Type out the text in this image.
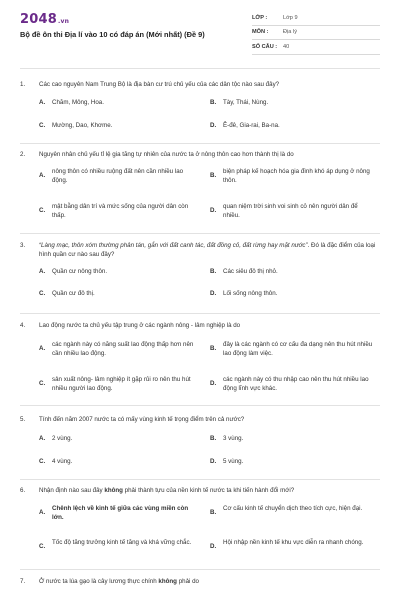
2048.vn
Bộ đề ôn thi Địa lí vào 10 có đáp án (Mới nhất) (Đề 9)
LỚP :	Lớp 9
MÔN :	Địa lý
SỐ CÂU :	40
1.	Các cao nguyên Nam Trung Bộ là địa bàn cư trú chủ yếu của các dân tộc nào sau đây?
A.	Chăm, Mông, Hoa.	B.	Tày, Thái, Nùng.
C.	Mường, Dao, Khơme.	D.	Ê-đê, Gia-rai, Ba-na.
2.	Nguyên nhân chủ yếu tỉ lệ gia tăng tự nhiên của nước ta ở nông thôn cao hơn thành thị là do
A.
nông thôn có nhiều ruộng đất nên cần nhiều lao động.
B.
biện pháp kế hoạch hóa gia đình khó áp dụng ở nông thôn.
C.
mật bằng dân trí và mức sống của người dân còn thấp.
D.
quan niệm trời sinh voi sinh cỏ nên người dân để nhiều.
3.	“Làng mạc, thôn xóm thường phân tán, gắn với đất canh tác, đất đồng cỏ, đất rừng hay mặt nước”. Đó là đặc điểm của loại hình quần cư nào sau đây?
A.	Quần cư nông thôn.	B.	Các siêu đô thị nhỏ.
C.	Quần cư đô thị.	D.	Lối sống nông thôn.
4.	Lao động nước ta chủ yếu tập trung ở các ngành nông - lâm nghiệp là do
A.
các ngành này có năng suất lao động thấp hơn nên cần nhiều lao động.
B.
đây là các ngành có cơ cấu đa dạng nên thu hút nhiều lao động làm việc.
C.
sản xuất nông- lâm nghiệp ít gặp rủi ro nên thu hút nhiều người lao động.
D.
các ngành này có thu nhập cao nên thu hút nhiều lao động lĩnh vực khác.
5.	Tính đến năm 2007 nước ta có mấy vùng kinh tế trọng điểm trên cả nước?
A.	2 vùng.	B.	3 vùng.
C.	4 vùng.	D.	5 vùng.
6.	Nhận định nào sau đây không phải thành tựu của nền kinh tế nước ta khi tiến hành đổi mới?
A.
Chênh lệch về kinh tế giữa các vùng miền còn lớn.
B.
Cơ cấu kinh tế chuyển dịch theo tích cực, hiện đại.
C.
Tốc độ tăng trưởng kinh tế tăng và khá vững chắc.
D.
Hội nhập nền kinh tế khu vực diễn ra nhanh chóng.
7.	Ở nước ta lúa gạo là cây lương thực chính không phải do
